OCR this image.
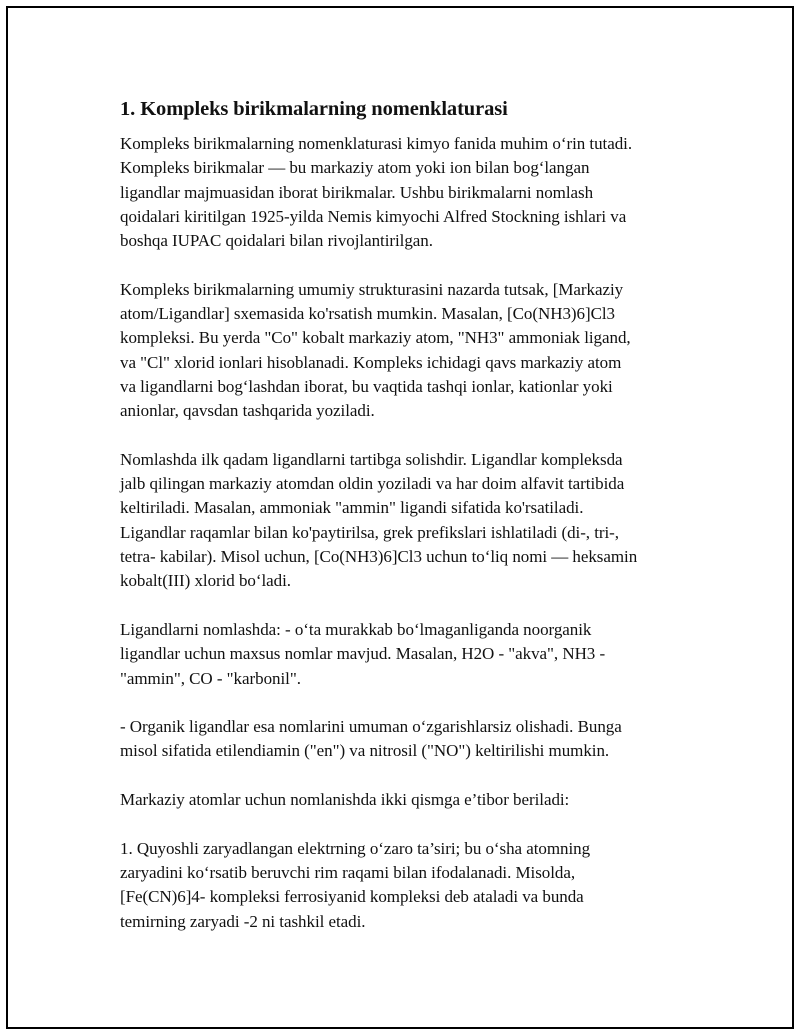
1. Kompleks birikmalarning nomenklaturasi
Kompleks birikmalarning nomenklaturasi kimyo fanida muhim o‘rin tutadi.
Kompleks birikmalar — bu markaziy atom yoki ion bilan bog‘langan
ligandlar majmuasidan iborat birikmalar. Ushbu birikmalarni nomlash
qoidalari kiritilgan 1925-yilda Nemis kimyochi Alfred Stockning ishlari va
boshqa IUPAC qoidalari bilan rivojlantirilgan.
Kompleks birikmalarning umumiy strukturasini nazarda tutsak, [Markaziy
atom/Ligandlar] sxemasida ko'rsatish mumkin. Masalan, [Co(NH3)6]Cl3
kompleksi. Bu yerda "Co" kobalt markaziy atom, "NH3" ammoniak ligand,
va "Cl" xlorid ionlari hisoblanadi. Kompleks ichidagi qavs markaziy atom
va ligandlarni bog‘lashdan iborat, bu vaqtida tashqi ionlar, kationlar yoki
anionlar, qavsdan tashqarida yoziladi.
Nomlashda ilk qadam ligandlarni tartibga solishdir. Ligandlar kompleksda
jalb qilingan markaziy atomdan oldin yoziladi va har doim alfavit tartibida
keltiriladi. Masalan, ammoniak "ammin" ligandi sifatida ko'rsatiladi.
Ligandlar raqamlar bilan ko'paytirilsa, grek prefikslari ishlatiladi (di-, tri-,
tetra- kabilar). Misol uchun, [Co(NH3)6]Cl3 uchun to‘liq nomi — heksamin
kobalt(III) xlorid bo‘ladi.
Ligandlarni nomlashda: - o‘ta murakkab bo‘lmaganliganda noorganik
ligandlar uchun maxsus nomlar mavjud. Masalan, H2O - "akva", NH3 -
"ammin", CO - "karbonil".
- Organik ligandlar esa nomlarini umuman o‘zgarishlarsiz olishadi. Bunga
misol sifatida etilendiamin ("en") va nitrosil ("NO") keltirilishi mumkin.
Markaziy atomlar uchun nomlanishda ikki qismga e’tibor beriladi:
1. Quyoshli zaryadlangan elektrning o‘zaro ta’siri; bu o‘sha atomning
zaryadini ko‘rsatib beruvchi rim raqami bilan ifodalanadi. Misolda,
[Fe(CN)6]4- kompleksi ferrosiyanid kompleksi deb ataladi va bunda
temirning zaryadi -2 ni tashkil etadi.
